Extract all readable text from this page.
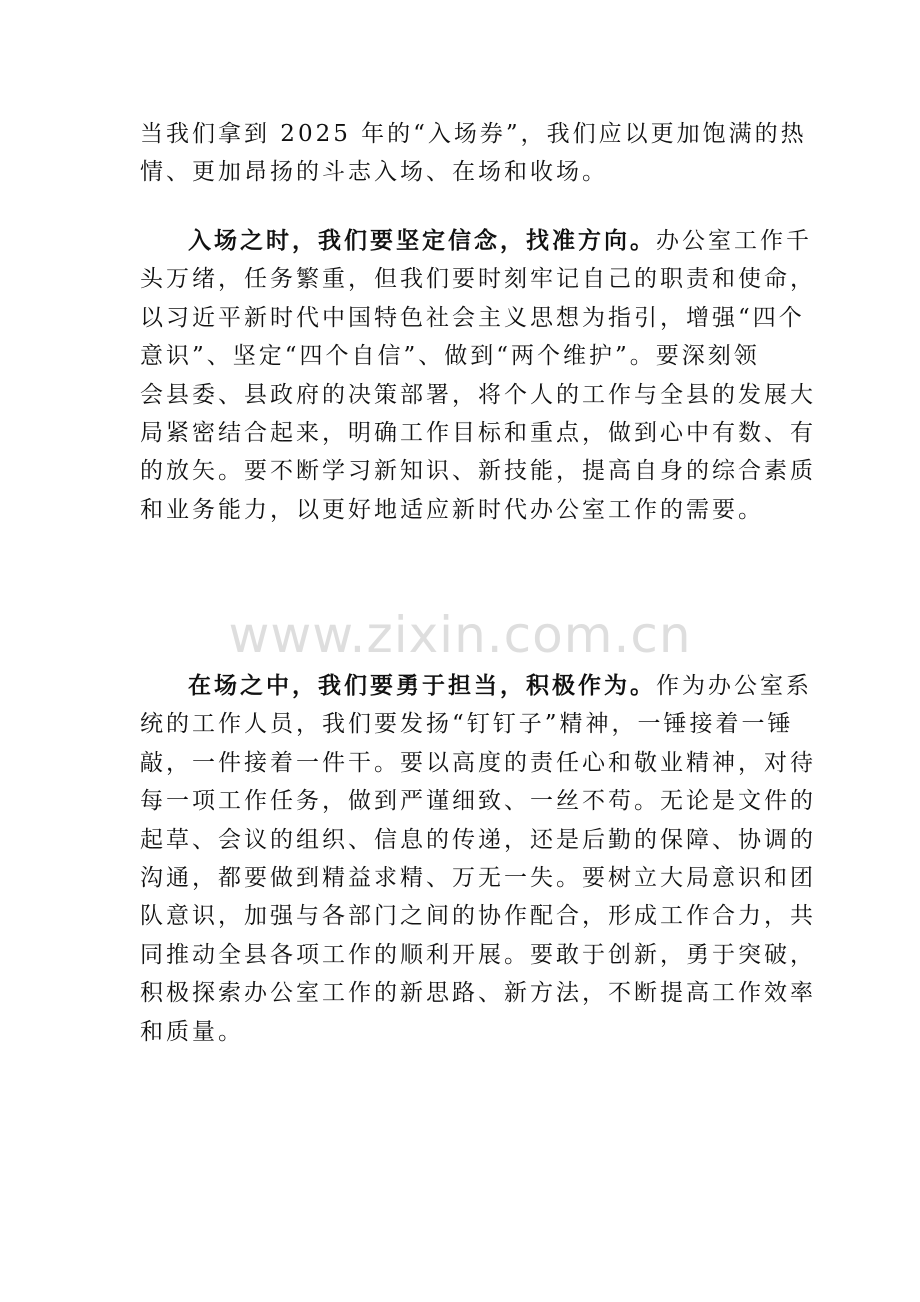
当我们拿到 2025 年的“入场券”，我们应以更加饱满的热
情、更加昂扬的斗志入场、在场和收场。
入场之时，我们要坚定信念，找准方向。办公室工作千
头万绪，任务繁重，但我们要时刻牢记自己的职责和使命，
以习近平新时代中国特色社会主义思想为指引，增强“四个
意识”、坚定“四个自信”、做到“两个维护”。要深刻领
会县委、县政府的决策部署，将个人的工作与全县的发展大
局紧密结合起来，明确工作目标和重点，做到心中有数、有
的放矢。要不断学习新知识、新技能，提高自身的综合素质
和业务能力，以更好地适应新时代办公室工作的需要。
www.zixin.com.cn
在场之中，我们要勇于担当，积极作为。作为办公室系
统的工作人员，我们要发扬“钉钉子”精神，一锤接着一锤
敲，一件接着一件干。要以高度的责任心和敬业精神，对待
每一项工作任务，做到严谨细致、一丝不苟。无论是文件的
起草、会议的组织、信息的传递，还是后勤的保障、协调的
沟通，都要做到精益求精、万无一失。要树立大局意识和团
队意识，加强与各部门之间的协作配合，形成工作合力，共
同推动全县各项工作的顺利开展。要敢于创新，勇于突破，
积极探索办公室工作的新思路、新方法，不断提高工作效率
和质量。
